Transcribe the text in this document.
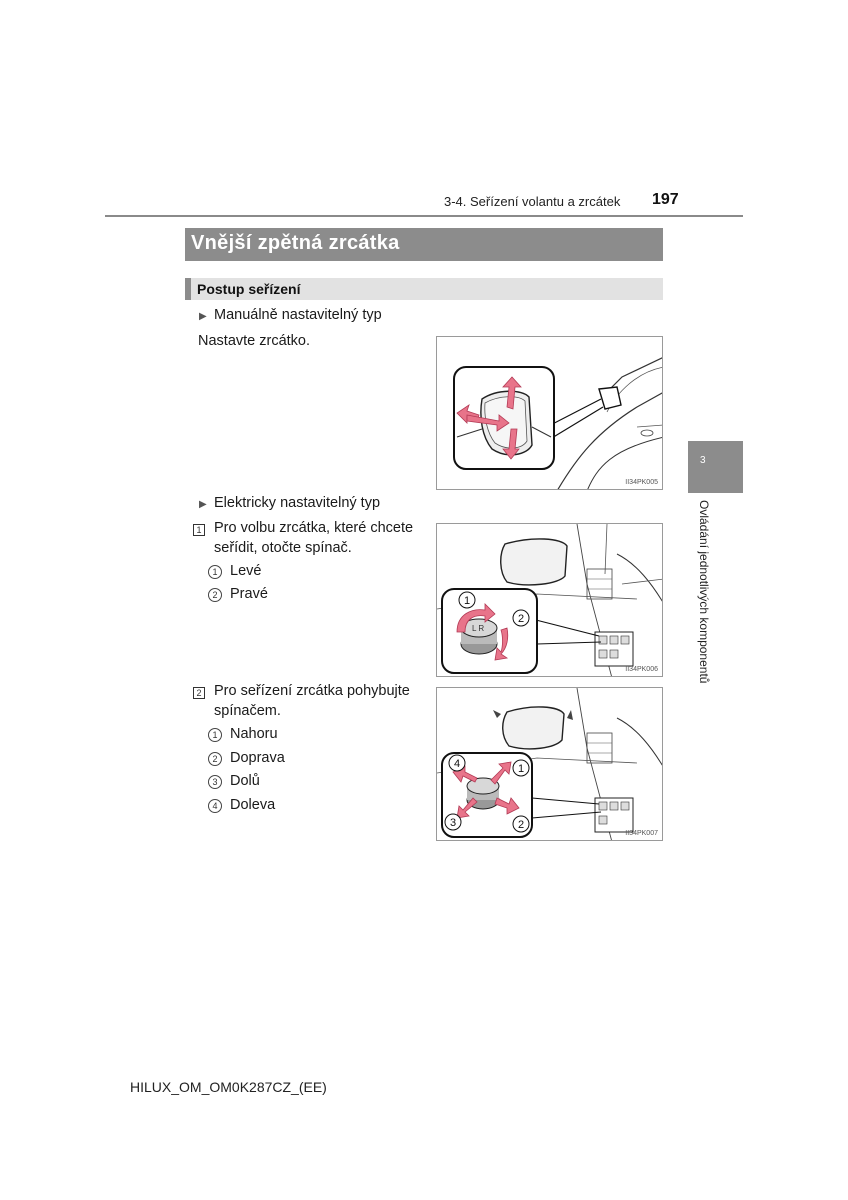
3-4. Seřízení volantu a zrcátek 197
Vnější zpětná zrcátka
Postup seřízení
▶ Manuálně nastavitelný typ
Nastavte zrcátko.
II34PK005
▶ Elektricky nastavitelný typ
1 Pro volbu zrcátka, které chcete
seřídit, otočte spínač.
1 Levé
2 Pravé
L R
1
2
II34PK006
2 Pro seřízení zrcátka pohybujte
spínačem.
1 Nahoru
2 Doprava
3 Dolů
4 Doleva
4	1
3	2
II34PK007
3
Ovládání jednotlivých komponentů
HILUX_OM_OM0K287CZ_(EE)
